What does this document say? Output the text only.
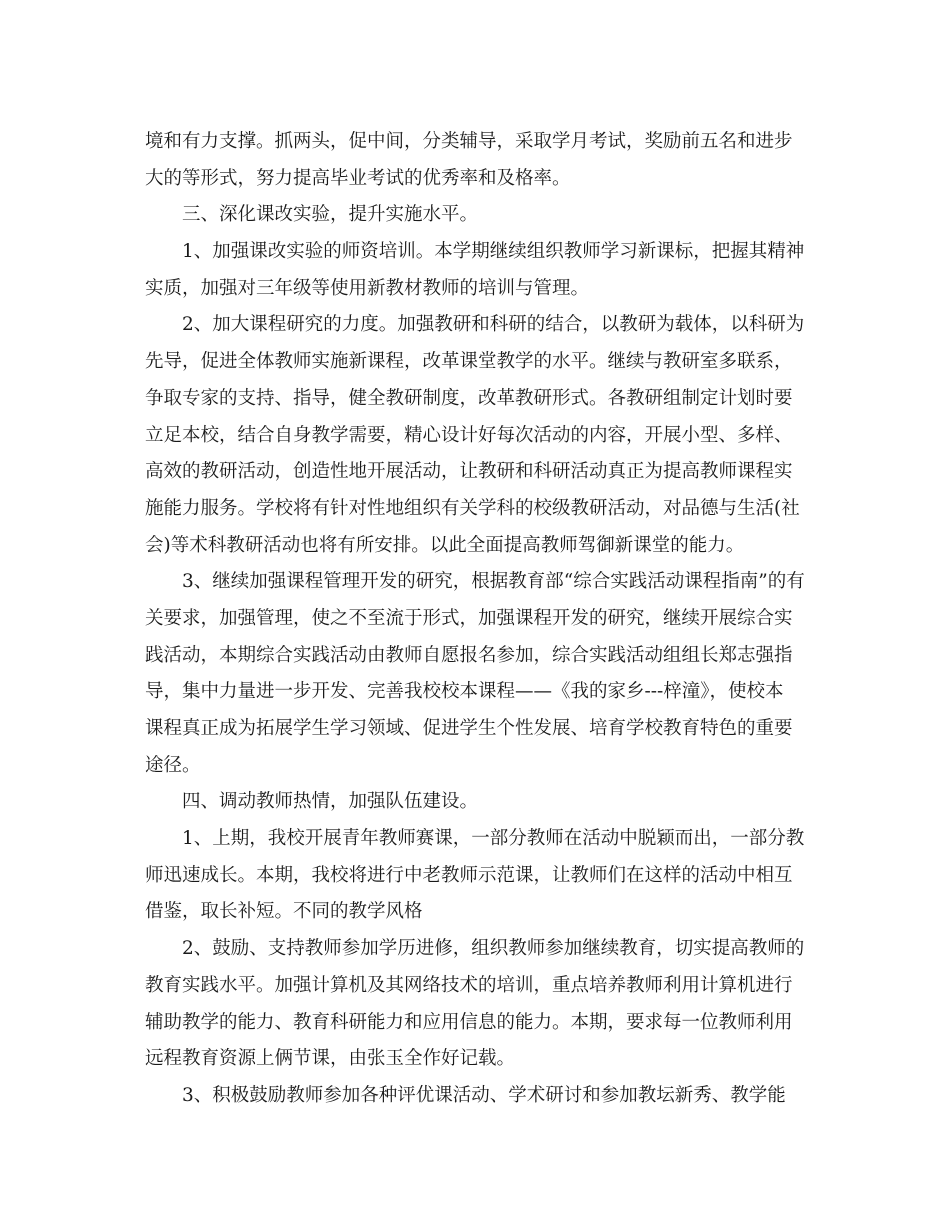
境和有力支撑。抓两头，促中间，分类辅导，采取学月考试，奖励前五名和进步
大的等形式，努力提高毕业考试的优秀率和及格率。
三、深化课改实验，提升实施水平。
1、加强课改实验的师资培训。本学期继续组织教师学习新课标，把握其精神
实质，加强对三年级等使用新教材教师的培训与管理。
2、加大课程研究的力度。加强教研和科研的结合，以教研为载体，以科研为
先导，促进全体教师实施新课程，改革课堂教学的水平。继续与教研室多联系，
争取专家的支持、指导，健全教研制度，改革教研形式。各教研组制定计划时要
立足本校，结合自身教学需要，精心设计好每次活动的内容，开展小型、多样、
高效的教研活动，创造性地开展活动，让教研和科研活动真正为提高教师课程实
施能力服务。学校将有针对性地组织有关学科的校级教研活动，对品德与生活(社
会)等术科教研活动也将有所安排。以此全面提高教师驾御新课堂的能力。
3、继续加强课程管理开发的研究，根据教育部“综合实践活动课程指南”的有
关要求，加强管理，使之不至流于形式，加强课程开发的研究，继续开展综合实
践活动，本期综合实践活动由教师自愿报名参加，综合实践活动组组长郑志强指
导，集中力量进一步开发、完善我校校本课程——《我的家乡---梓潼》，使校本
课程真正成为拓展学生学习领域、促进学生个性发展、培育学校教育特色的重要
途径。
四、调动教师热情，加强队伍建设。
1、上期，我校开展青年教师赛课，一部分教师在活动中脱颖而出，一部分教
师迅速成长。本期，我校将进行中老教师示范课，让教师们在这样的活动中相互
借鉴，取长补短。不同的教学风格
2、鼓励、支持教师参加学历进修，组织教师参加继续教育，切实提高教师的
教育实践水平。加强计算机及其网络技术的培训，重点培养教师利用计算机进行
辅助教学的能力、教育科研能力和应用信息的能力。本期，要求每一位教师利用
远程教育资源上俩节课，由张玉全作好记载。
3、积极鼓励教师参加各种评优课活动、学术研讨和参加教坛新秀、教学能
